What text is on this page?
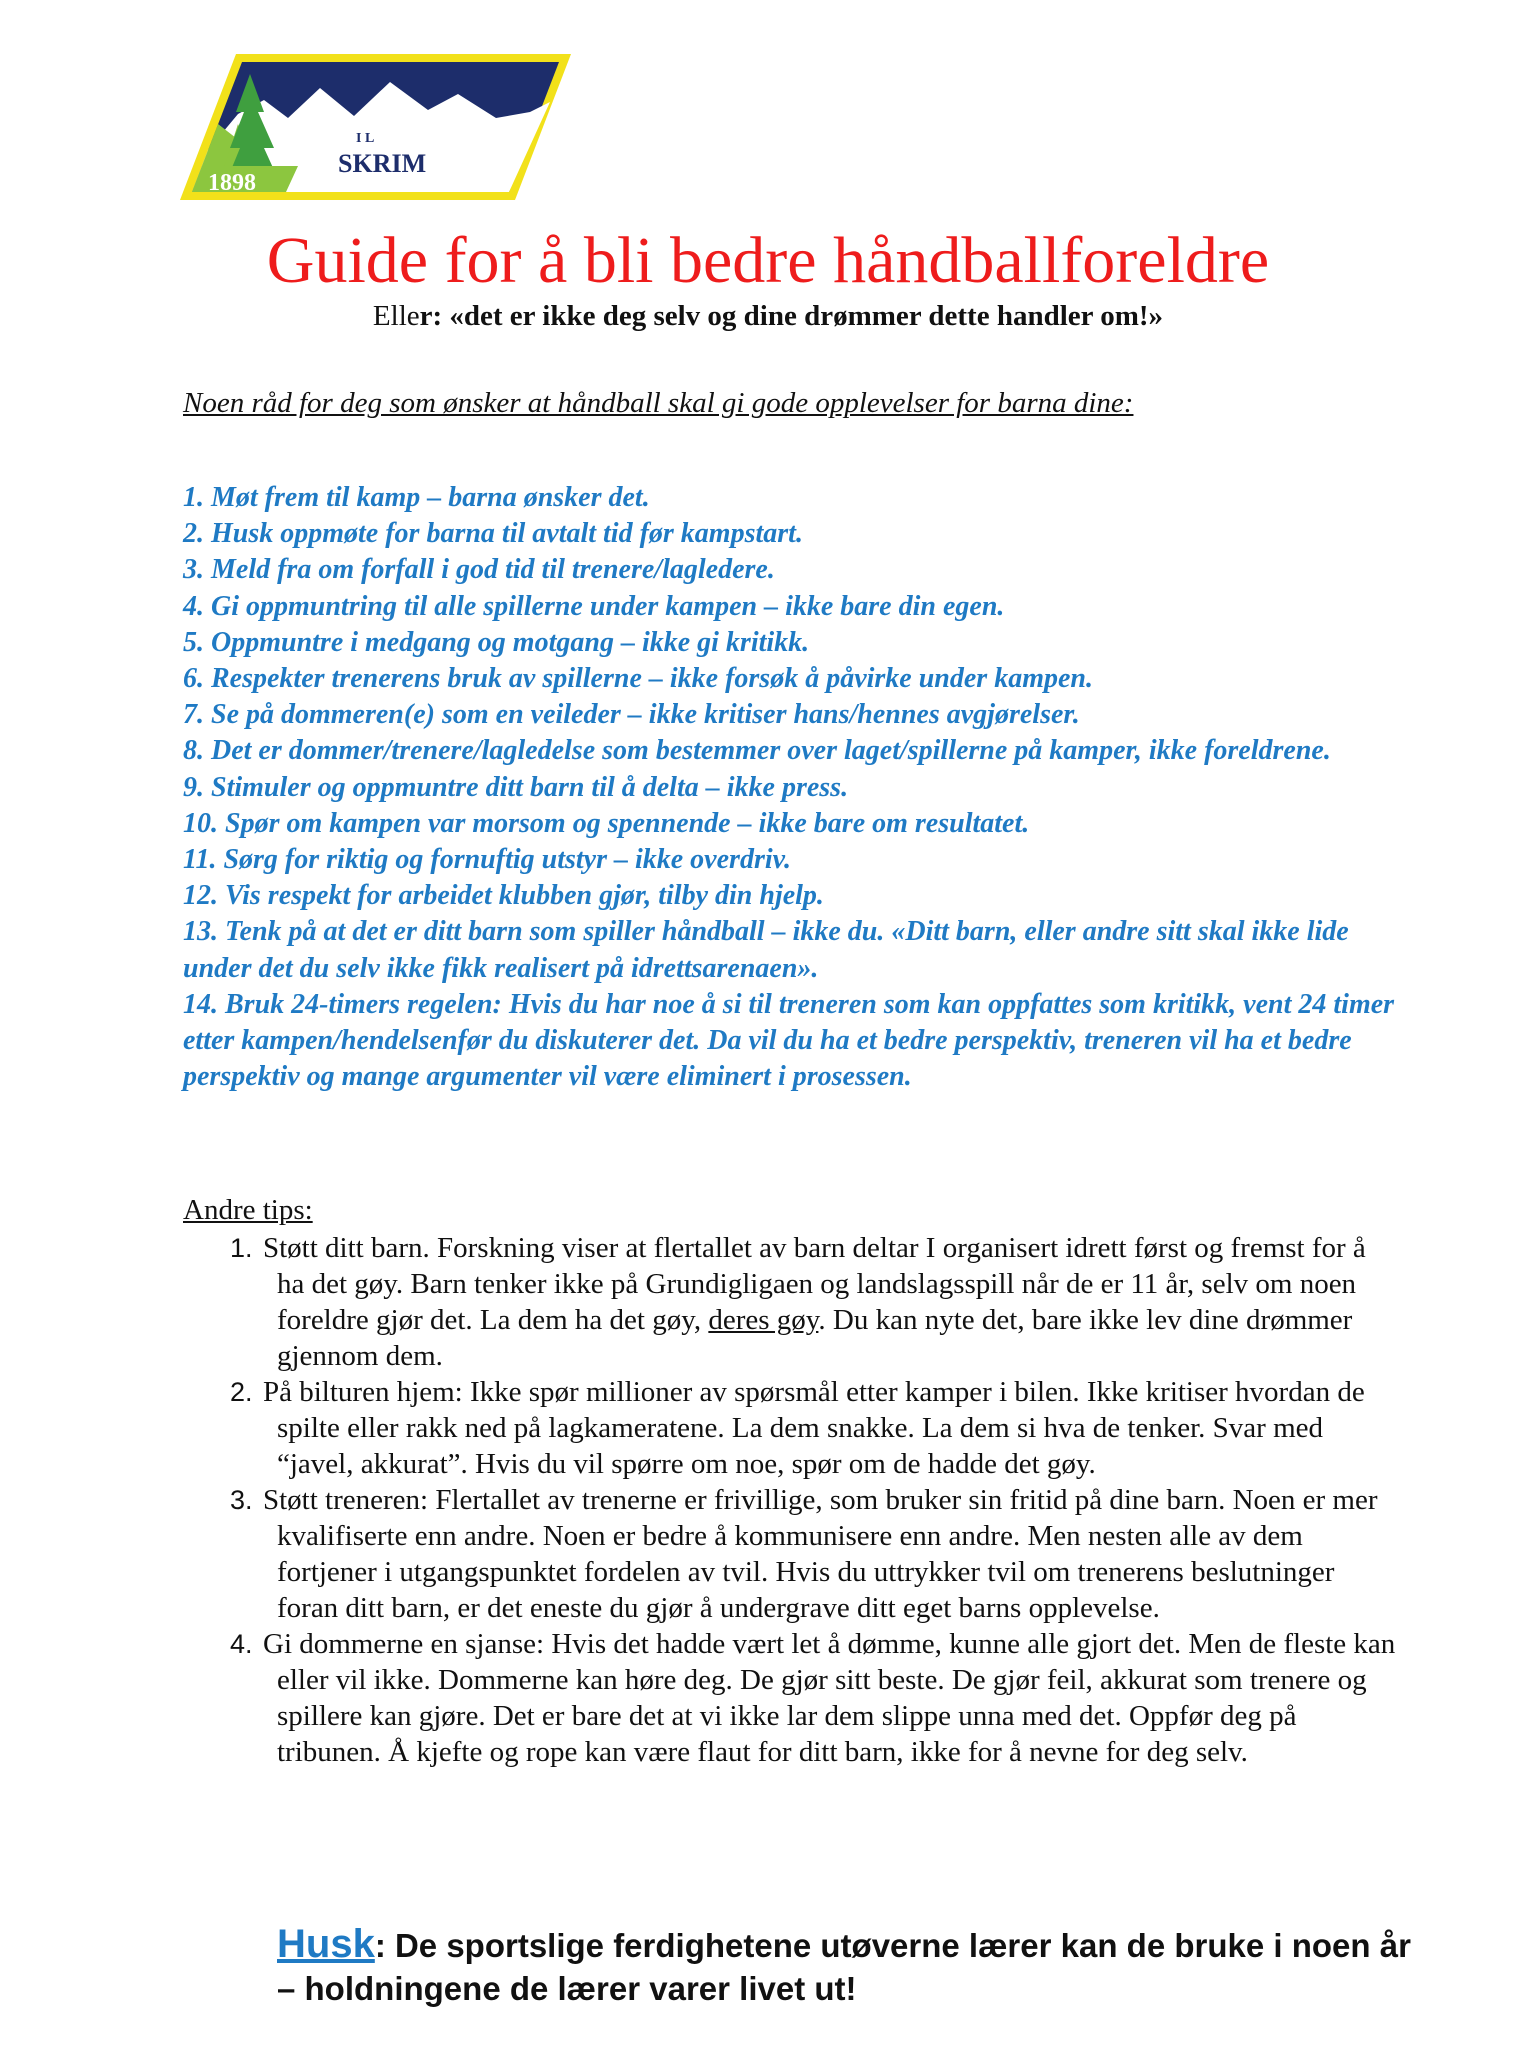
1898
I L
SKRIM
Guide for å bli bedre håndballforeldre
Eller: «det er ikke deg selv og dine drømmer dette handler om!»
Noen råd for deg som ønsker at håndball skal gi gode opplevelser for barna dine:
1. Møt frem til kamp – barna ønsker det.
2. Husk oppmøte for barna til avtalt tid før kampstart.
3. Meld fra om forfall i god tid til trenere/lagledere.
4. Gi oppmuntring til alle spillerne under kampen – ikke bare din egen.
5. Oppmuntre i medgang og motgang – ikke gi kritikk.
6. Respekter trenerens bruk av spillerne – ikke forsøk å påvirke under kampen.
7. Se på dommeren(e) som en veileder – ikke kritiser hans/hennes avgjørelser.
8. Det er dommer/trenere/lagledelse som bestemmer over laget/spillerne på kamper, ikke foreldrene.
9. Stimuler og oppmuntre ditt barn til å delta – ikke press.
10. Spør om kampen var morsom og spennende – ikke bare om resultatet.
11. Sørg for riktig og fornuftig utstyr – ikke overdriv.
12. Vis respekt for arbeidet klubben gjør, tilby din hjelp.
13. Tenk på at det er ditt barn som spiller håndball – ikke du. «Ditt barn, eller andre sitt skal ikke lide under det du selv ikke fikk realisert på idrettsarenaen».
14. Bruk 24-timers regelen: Hvis du har noe å si til treneren som kan oppfattes som kritikk, vent 24 timer etter kampen/hendelsenfør du diskuterer det. Da vil du ha et bedre perspektiv, treneren vil ha et bedre perspektiv og mange argumenter vil være eliminert i prosessen.
Andre tips:
1. Støtt ditt barn. Forskning viser at flertallet av barn deltar I organisert idrett først og fremst for å ha det gøy. Barn tenker ikke på Grundigligaen og landslagsspill når de er 11 år, selv om noen foreldre gjør det. La dem ha det gøy, deres gøy. Du kan nyte det, bare ikke lev dine drømmer gjennom dem.
2. På bilturen hjem: Ikke spør millioner av spørsmål etter kamper i bilen. Ikke kritiser hvordan de spilte eller rakk ned på lagkameratene. La dem snakke. La dem si hva de tenker. Svar med “javel, akkurat”. Hvis du vil spørre om noe, spør om de hadde det gøy.
3. Støtt treneren: Flertallet av trenerne er frivillige, som bruker sin fritid på dine barn. Noen er mer kvalifiserte enn andre. Noen er bedre å kommunisere enn andre. Men nesten alle av dem fortjener i utgangspunktet fordelen av tvil. Hvis du uttrykker tvil om trenerens beslutninger foran ditt barn, er det eneste du gjør å undergrave ditt eget barns opplevelse.
4. Gi dommerne en sjanse: Hvis det hadde vært let å dømme, kunne alle gjort det. Men de fleste kan eller vil ikke. Dommerne kan høre deg. De gjør sitt beste. De gjør feil, akkurat som trenere og spillere kan gjøre. Det er bare det at vi ikke lar dem slippe unna med det. Oppfør deg på tribunen. Å kjefte og rope kan være flaut for ditt barn, ikke for å nevne for deg selv.
Husk: De sportslige ferdighetene utøverne lærer kan de bruke i noen år – holdningene de lærer varer livet ut!
